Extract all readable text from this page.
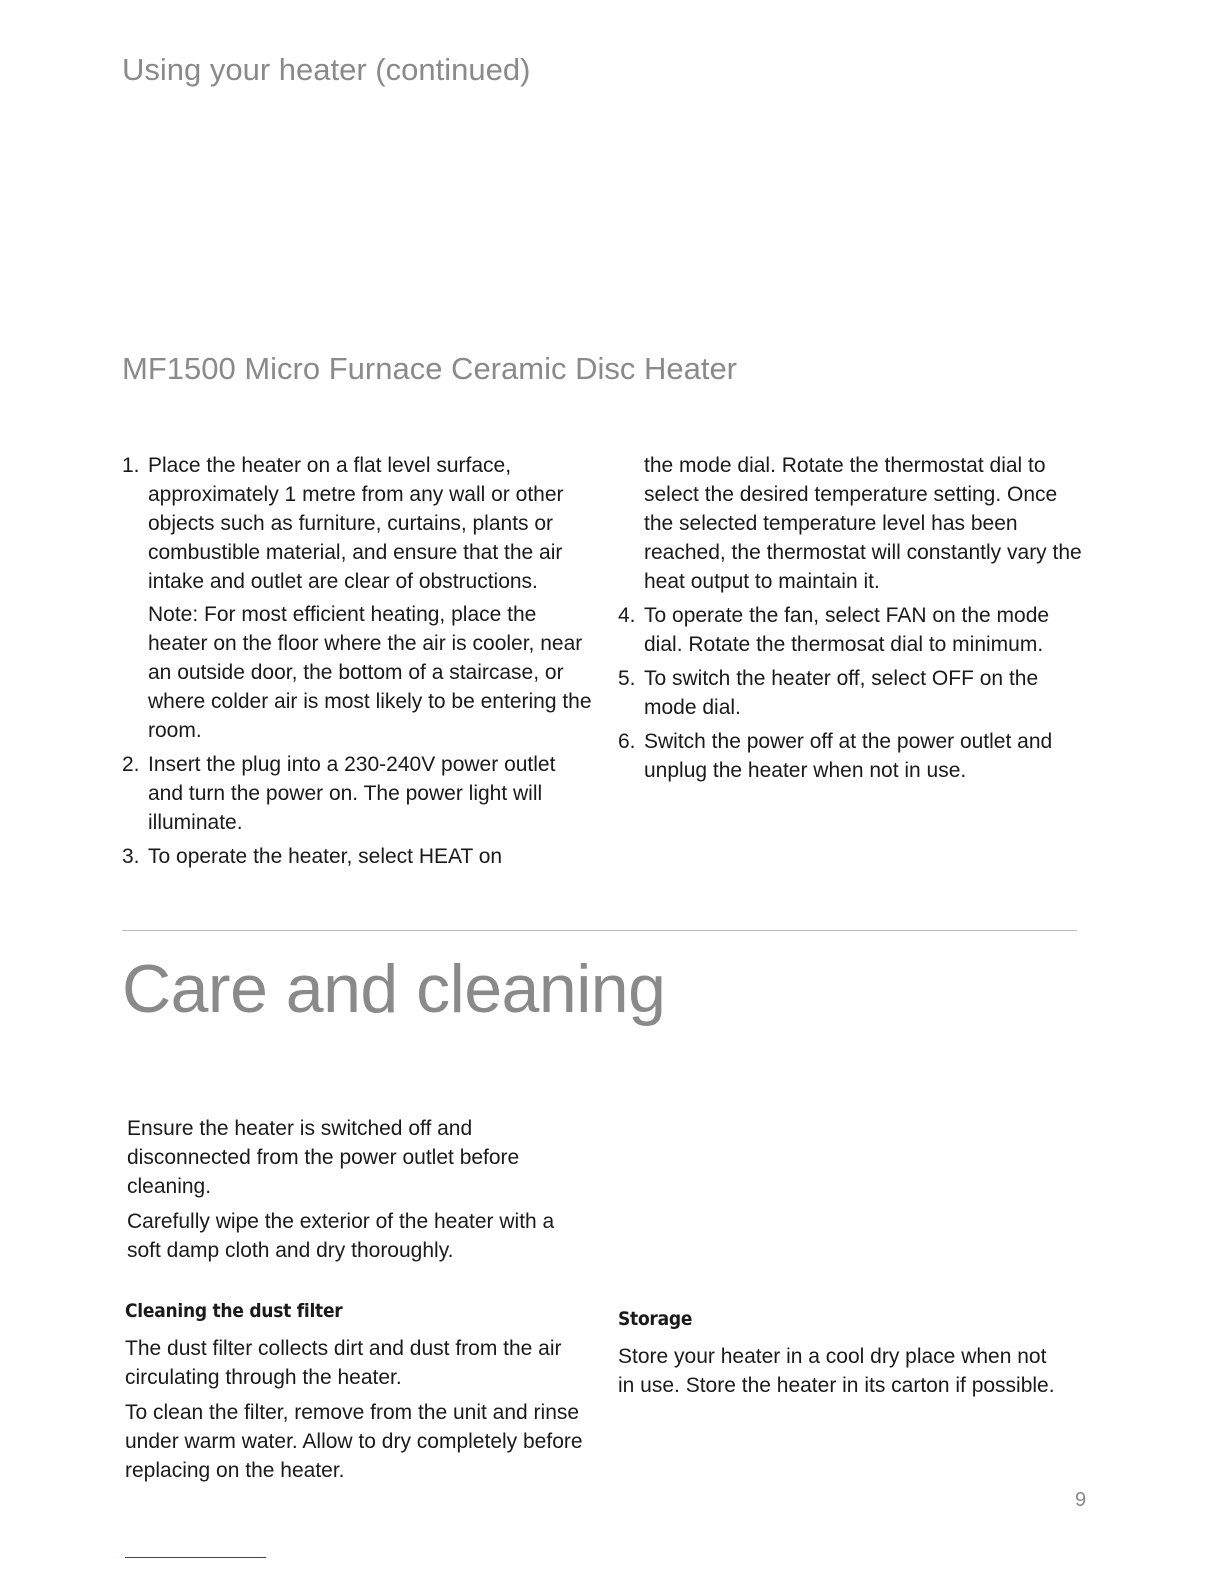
Using your heater (continued)
MF1500 Micro Furnace Ceramic Disc Heater
1. Place the heater on a flat level surface, approximately 1 metre from any wall or other objects such as furniture, curtains, plants or combustible material, and ensure that the air intake and outlet are clear of obstructions.

Note: For most efficient heating, place the heater on the floor where the air is cooler, near an outside door, the bottom of a staircase, or where colder air is most likely to be entering the room.

2. Insert the plug into a 230-240V power outlet and turn the power on. The power light will illuminate.

3. To operate the heater, select HEAT on

the mode dial. Rotate the thermostat dial to select the desired temperature setting. Once the selected temperature level has been reached, the thermostat will constantly vary the heat output to maintain it.

4. To operate the fan, select FAN on the mode dial. Rotate the thermosat dial to minimum.

5. To switch the heater off, select OFF on the mode dial.

6. Switch the power off at the power outlet and unplug the heater when not in use.

Care and cleaning

Ensure the heater is switched off and disconnected from the power outlet before cleaning.

Carefully wipe the exterior of the heater with a soft damp cloth and dry thoroughly.

Cleaning the dust filter

The dust filter collects dirt and dust from the air circulating through the heater.

To clean the filter, remove from the unit and rinse under warm water. Allow to dry completely before replacing on the heater.

Storage

Store your heater in a cool dry place when not in use. Store the heater in its carton if possible.

9
